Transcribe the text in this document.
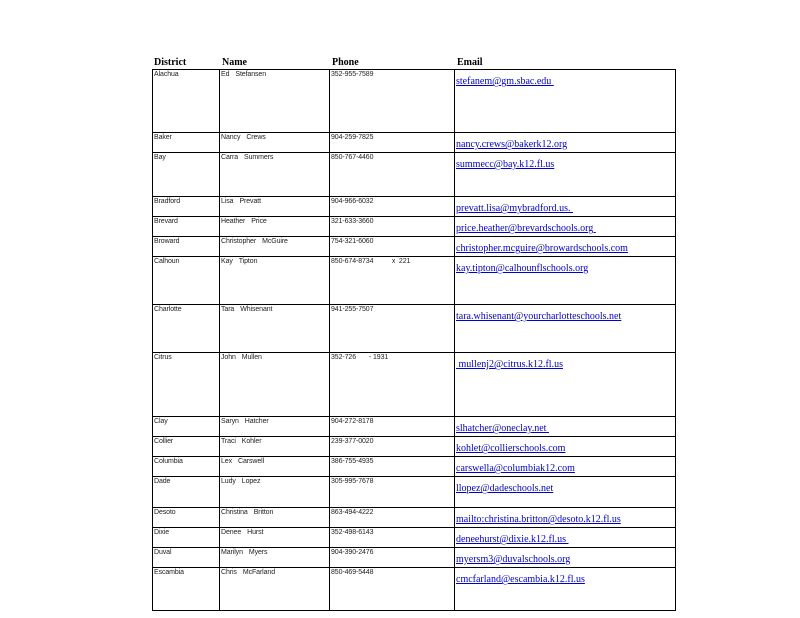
District	Name	Phone	Email
Alachua	Ed Stefansen	352-955-7589	stefanem@gm.sbac.edu
Baker	Nancy Crews	904-259-7825	nancy.crews@bakerk12.org
Bay	Carra Summers	850-767-4460	summecc@bay.k12.fl.us
Bradford	Lisa Prevatt	904-966-6032	prevatt.lisa@mybradford.us.
Brevard	Heather Price	321-633-3660	price.heather@brevardschools.org
Broward	Christopher McGuire	754-321-6060	christopher.mcguire@browardschools.com
Calhoun	Kay Tipton	850-674-8734          x  221	kay.tipton@calhounflschools.org
Charlotte	Tara Whisenant	941-255-7507	tara.whisenant@yourcharlotteschools.net
Citrus	John Mullen	352-726       - 1931	mullenj2@citrus.k12.fl.us
Clay	Saryn Hatcher	904-272-8178	slhatcher@oneclay.net
Collier	Traci Kohler	239-377-0020	kohlet@collierschools.com
Columbia	Lex Carswell	386-755-4935	carswella@columbiak12.com
Dade	Ludy Lopez	305-995-7678	llopez@dadeschools.net
Desoto	Christina Britton	863-494-4222	mailto:christina.britton@desoto.k12.fl.us
Dixie	Denee Hurst	352-498-6143	deneehurst@dixie.k12.fl.us
Duval	Marilyn Myers	904-390-2476	myersm3@duvalschools.org
Escambia	Chris McFarland	850-469-5448	cmcfarland@escambia.k12.fl.us
